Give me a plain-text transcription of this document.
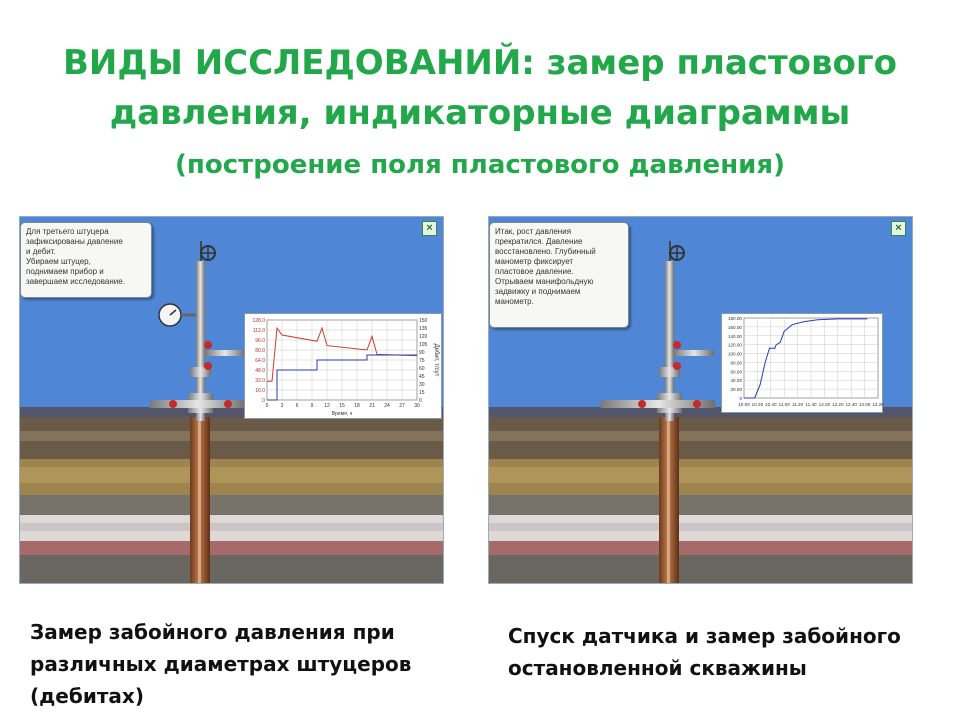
ВИДЫ ИССЛЕДОВАНИЙ: замер пластового
давления, индикаторные диаграммы
(построение поля пластового давления)
Для третьего штуцера
зафиксированы давление
и дебит.
Убираем штуцер,
поднимаем прибор и
завершаем исследование.
×
0 3 6 9 12 15 18 21 24 27 30
128.0
112.0
96.0
80.0
64.0
48.0
32.0
16.0
0
150
135
120
105
90
75
60
45
30
15
0
Время, ч
Дебит, т/сут
Итак, рост давления
прекратился. Давление
восстановлено. Глубинный
манометр фиксирует
пластовое давление.
Отрываем манифольдную
задвижку и поднимаем
манометр.
×
10.00 10.20 10.40 11.00 11.20 11.40 12.00 12.20 12.40 13.00 13.20
180.00
160.00
140.00
120.00
100.00
80.00
60.00
40.00
20.00
0
Замер забойного давления при различных диаметрах штуцеров (дебитах)
Спуск датчика и замер забойного остановленной скважины
